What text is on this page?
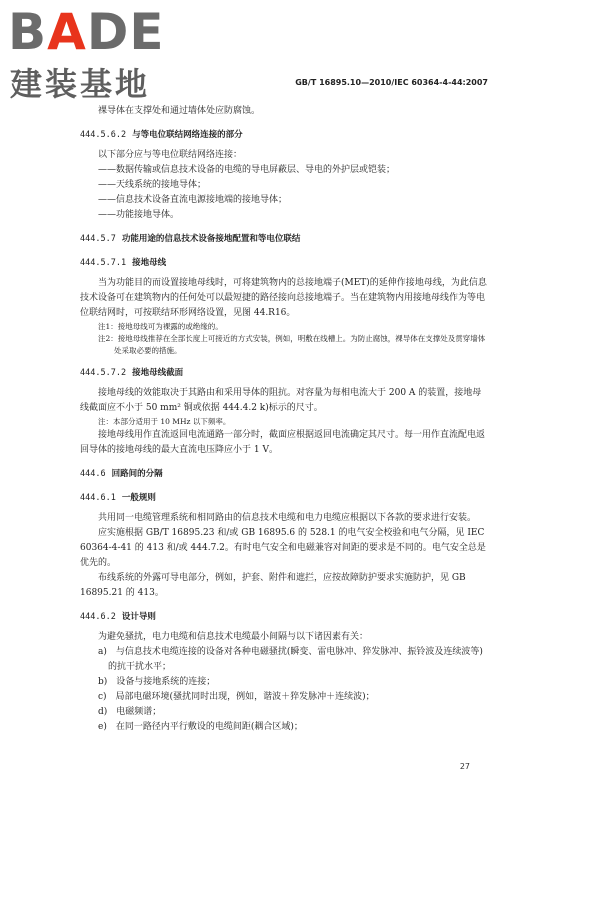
BADE
建装基地	GB/T 16895.10—2010/IEC 60364-4-44:2007

裸导体在支撑处和通过墙体处应防腐蚀。

444.5.6.2 与等电位联结网络连接的部分

以下部分应与等电位联结网络连接：

——数据传输或信息技术设备的电缆的导电屏蔽层、导电的外护层或铠装；

——天线系统的接地导体；

——信息技术设备直流电源接地端的接地导体；

——功能接地导体。

444.5.7 功能用途的信息技术设备接地配置和等电位联结

444.5.7.1 接地母线

当为功能目的而设置接地母线时，可将建筑物内的总接地端子(MET)的延伸作接地母线，为此信息技术设备可在建筑物内的任何处可以最短捷的路径接向总接地端子。当在建筑物内用接地母线作为等电位联结网时，可按联结环形网络设置，见图 44.R16。

注1：接地母线可为裸露的或绝缘的。

注2：接地母线推荐在全部长度上可接近的方式安装，例如，明敷在线槽上。为防止腐蚀，裸导体在支撑处及贯穿墙体处采取必要的措施。

444.5.7.2 接地母线截面

接地母线的效能取决于其路由和采用导体的阻抗。对容量为每相电流大于 200 A 的装置，接地母线截面应不小于 50 mm² 铜或依据 444.4.2 k)标示的尺寸。

注：本部分适用于 10 MHz 以下频率。

接地母线用作直流返回电流通路一部分时，截面应根据返回电流确定其尺寸。每一用作直流配电返回导体的接地母线的最大直流电压降应小于 1 V。

444.6 回路间的分隔

444.6.1 一般规则

共用同一电缆管理系统和相同路由的信息技术电缆和电力电缆应根据以下各款的要求进行安装。

应实施根据 GB/T 16895.23 和/或 GB 16895.6 的 528.1 的电气安全校验和电气分隔，见 IEC 60364-4-41 的 413 和/或 444.7.2。有时电气安全和电磁兼容对间距的要求是不同的。电气安全总是优先的。

布线系统的外露可导电部分，例如，护套、附件和遮拦，应按故障防护要求实施防护，见 GB 16895.21 的 413。

444.6.2 设计导则

为避免骚扰，电力电缆和信息技术电缆最小间隔与以下诸因素有关：

a)　与信息技术电缆连接的设备对各种电磁骚扰(瞬变、雷电脉冲、猝发脉冲、振铃波及连续波等)的抗干扰水平；

b)　设备与接地系统的连接；

c)　局部电磁环境(骚扰同时出现，例如，谐波＋猝发脉冲＋连续波)；

d)　电磁频谱；

e)　在同一路径内平行敷设的电缆间距(耦合区域)；

27
